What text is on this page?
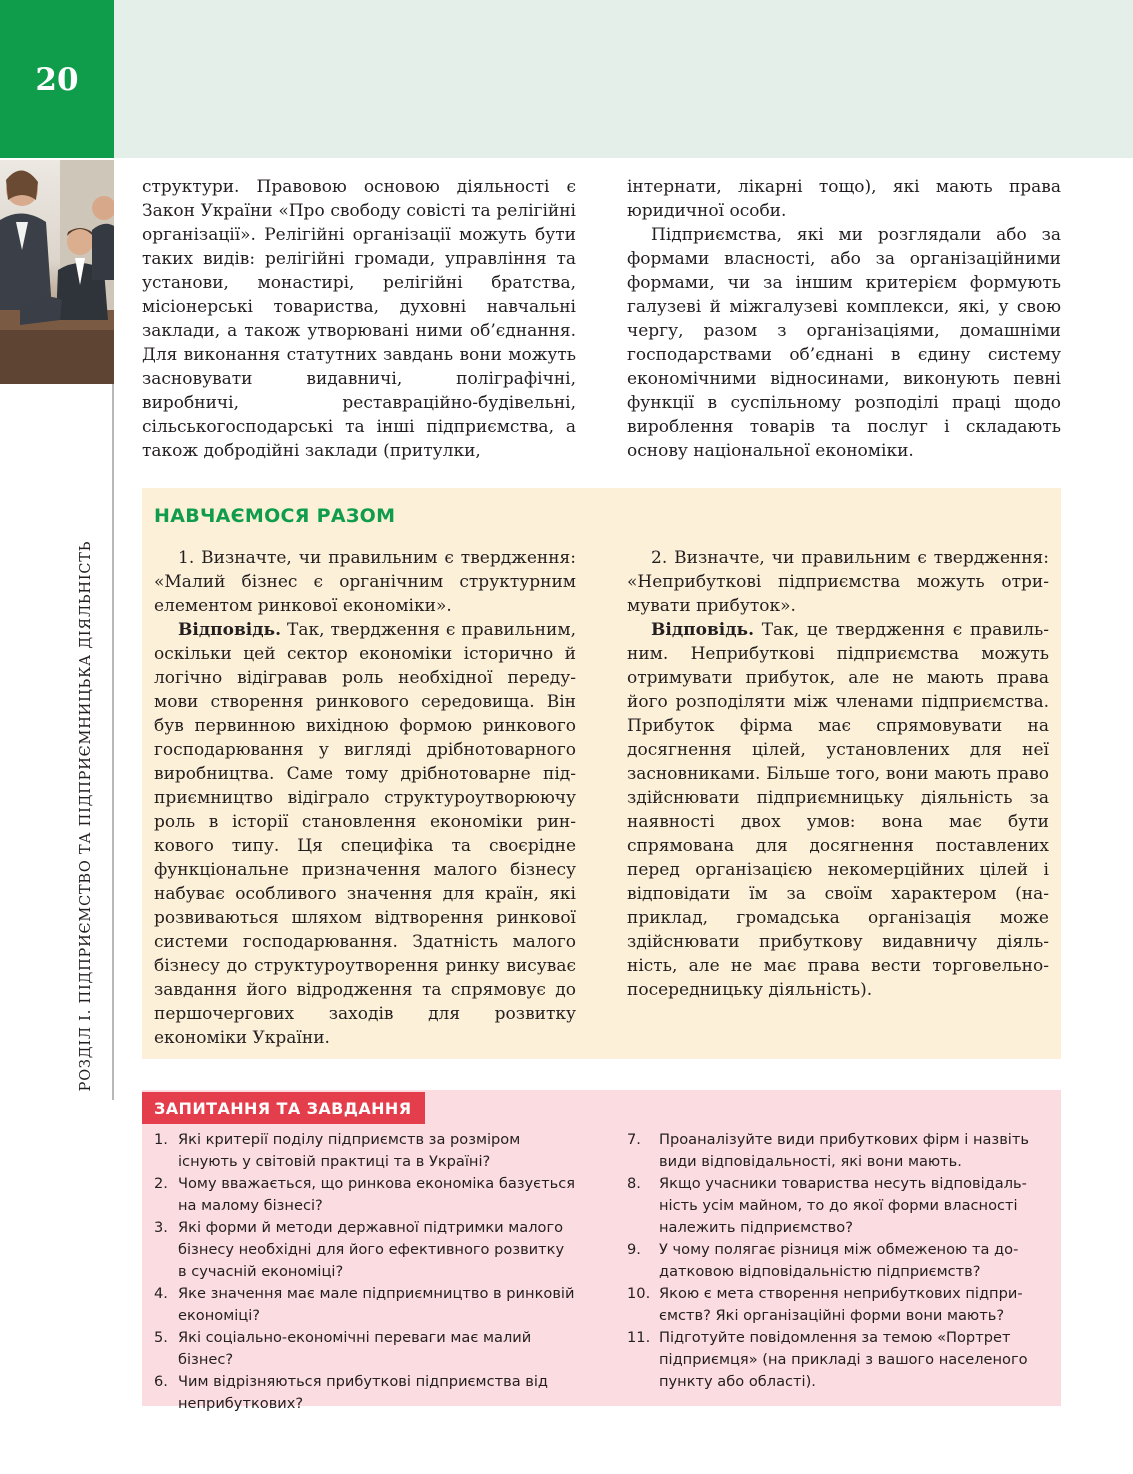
20
РОЗДІЛ І. ПІДПРИЄМСТВО ТА ПІДПРИЄМНИЦЬКА ДІЯЛЬНІСТЬ

структури. Правовою основою діяльності є Закон України «Про свободу совісті та релігійні організації». Релігійні організації можуть бути таких видів: релігійні громади, управління та установи, монастирі, релігійні братства, місіонерські товариства, духовні навчальні заклади, а також утворювані ними об’єднання. Для виконання статутних завдань вони можуть засновувати видавничі, поліграфічні, виробничі, реставраційно-будівельні, сільськогосподарські та інші підприємства, а також добродійні заклади (притулки,

інтернати, лікарні тощо), які мають права юридичної особи.

Підприємства, які ми розглядали або за формами власності, або за організаційними формами, чи за іншим критерієм формують галузеві й міжгалузеві комплекси, які, у свою чергу, разом з організаціями, домашніми господарствами об’єднані в єдину систему економічними відносинами, виконують певні функції в суспільному розподілі праці щодо вироблення товарів та послуг і складають основу національної економіки.

НАВЧАЄМОСЯ РАЗОМ

1. Визначте, чи правильним є твердження: «Малий бізнес є органічним структурним елементом ринкової економіки».

Відповідь. Так, твердження є правильним, оскільки цей сектор економіки історично й логічно відігравав роль необхідної передумови створення ринкового середовища. Він був первинною вихідною формою ринкового господарювання у вигляді дрібнотоварного виробництва. Саме тому дрібнотоварне підприємництво відіграло структуроутворюючу роль в історії становлення економіки ринкового типу. Ця специфіка та своєрідне функціональне призначення малого бізнесу набуває особливого значення для країн, які розвиваються шляхом відтворення ринкової системи господарювання. Здатність малого бізнесу до структуроутворення ринку висуває завдання його відродження та спрямовує до першочергових заходів для розвитку економіки України.

2. Визначте, чи правильним є твердження: «Неприбуткові підприємства можуть отримувати прибуток».

Відповідь. Так, це твердження є правильним. Неприбуткові підприємства можуть отримувати прибуток, але не мають права його розподіляти між членами підприємства. Прибуток фірма має спрямовувати на досягнення цілей, установлених для неї засновниками. Більше того, вони мають право здійснювати підприємницьку діяльність за наявності двох умов: вона має бути спрямована для досягнення поставлених перед організацією некомерційних цілей і відповідати їм за своїм характером (наприклад, громадська організація може здійснювати прибуткову видавничу діяльність, але не має права вести торговельно-посередницьку діяльність).

ЗАПИТАННЯ ТА ЗАВДАННЯ
1. Які критерії поділу підприємств за розміром існують у світовій практиці та в Україні?
2. Чому вважається, що ринкова економіка базується на малому бізнесі?
3. Які форми й методи державної підтримки малого бізнесу необхідні для його ефективного розвитку в сучасній економіці?
4. Яке значення має мале підприємництво в ринковій економіці?
5. Які соціально-економічні переваги має малий бізнес?
6. Чим відрізняються прибуткові підприємства від неприбуткових?
7. Проаналізуйте види прибуткових фірм і назвіть види відповідальності, які вони мають.
8. Якщо учасники товариства несуть відповідальність усім майном, то до якої форми власності належить підприємство?
9. У чому полягає різниця між обмеженою та додатковою відповідальністю підприємств?
10. Якою є мета створення неприбуткових підприємств? Які організаційні форми вони мають?
11. Підготуйте повідомлення за темою «Портрет підприємця» (на прикладі з вашого населеного пункту або області).
